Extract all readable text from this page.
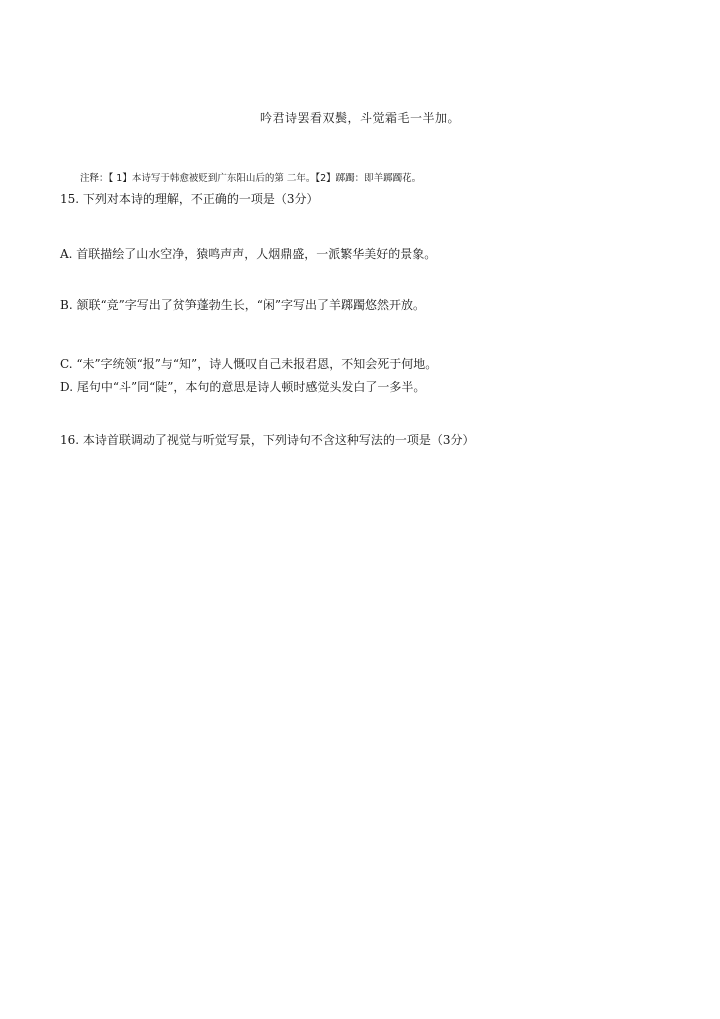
吟君诗罢看双鬓，斗觉霜毛一半加。
注释：【 1】本诗写于韩愈被贬到广东阳山后的第 二年。【2】踯躅：即羊踯躅花。
15. 下列对本诗的理解，不正确的一项是（3分）
A. 首联描绘了山水空净，猿鸣声声，人烟鼎盛，一派繁华美好的景象。
B. 颔联“竞”字写出了贫笋蓬勃生长，“闲”字写出了羊踯躅悠然开放。
C. “未”字统领“报”与“知”，诗人慨叹自己未报君恩，不知会死于何地。
D. 尾句中“斗”同“陡”，本句的意思是诗人顿时感觉头发白了一多半。
16. 本诗首联调动了视觉与听觉写景，下列诗句不含这种写法的一项是（3分）
